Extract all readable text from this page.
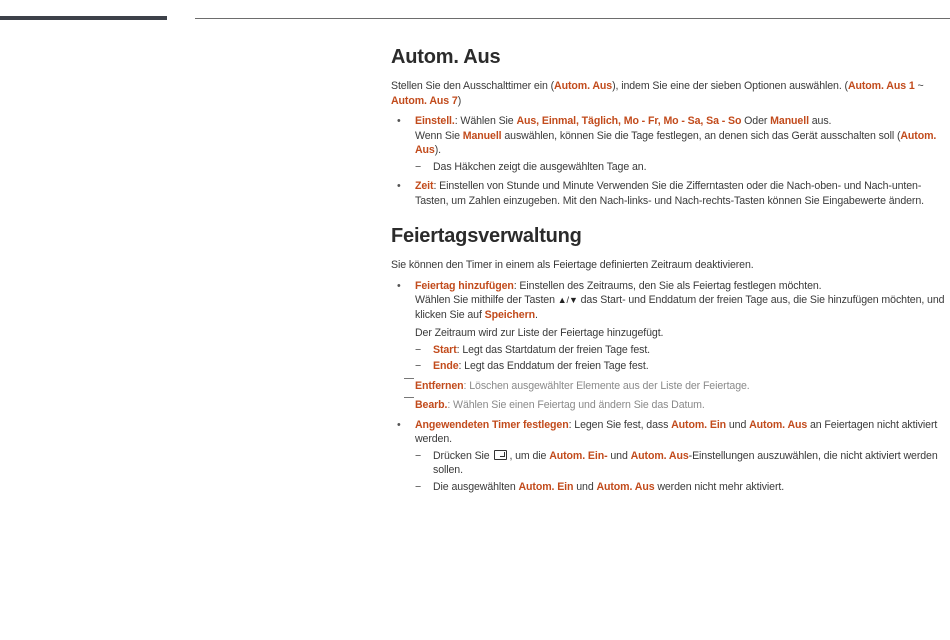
Autom. Aus

Stellen Sie den Ausschalttimer ein (Autom. Aus), indem Sie eine der sieben Optionen auswählen. (Autom. Aus 1 ~ Autom. Aus 7)

• Einstell.: Wählen Sie Aus, Einmal, Täglich, Mo - Fr, Mo - Sa, Sa - So Oder Manuell aus.
Wenn Sie Manuell auswählen, können Sie die Tage festlegen, an denen sich das Gerät ausschalten soll (Autom. Aus).
− Das Häkchen zeigt die ausgewählten Tage an.
• Zeit: Einstellen von Stunde und Minute Verwenden Sie die Zifferntasten oder die Nach-oben- und Nach-unten-Tasten, um Zahlen einzugeben. Mit den Nach-links- und Nach-rechts-Tasten können Sie Eingabewerte ändern.
Feiertagsverwaltung

Sie können den Timer in einem als Feiertage definierten Zeitraum deaktivieren.

• Feiertag hinzufügen: Einstellen des Zeitraums, den Sie als Feiertag festlegen möchten.
Wählen Sie mithilfe der Tasten ▲/▼ das Start- und Enddatum der freien Tage aus, die Sie hinzufügen möchten, und klicken Sie auf Speichern.
Der Zeitraum wird zur Liste der Feiertage hinzugefügt.
− Start: Legt das Startdatum der freien Tage fest.
− Ende: Legt das Enddatum der freien Tage fest.
Entfernen: Löschen ausgewählter Elemente aus der Liste der Feiertage.
Bearb.: Wählen Sie einen Feiertag und ändern Sie das Datum.
• Angewendeten Timer festlegen: Legen Sie fest, dass Autom. Ein und Autom. Aus an Feiertagen nicht aktiviert werden.
− Drücken Sie , um die Autom. Ein- und Autom. Aus-Einstellungen auszuwählen, die nicht aktiviert werden sollen.
− Die ausgewählten Autom. Ein und Autom. Aus werden nicht mehr aktiviert.
